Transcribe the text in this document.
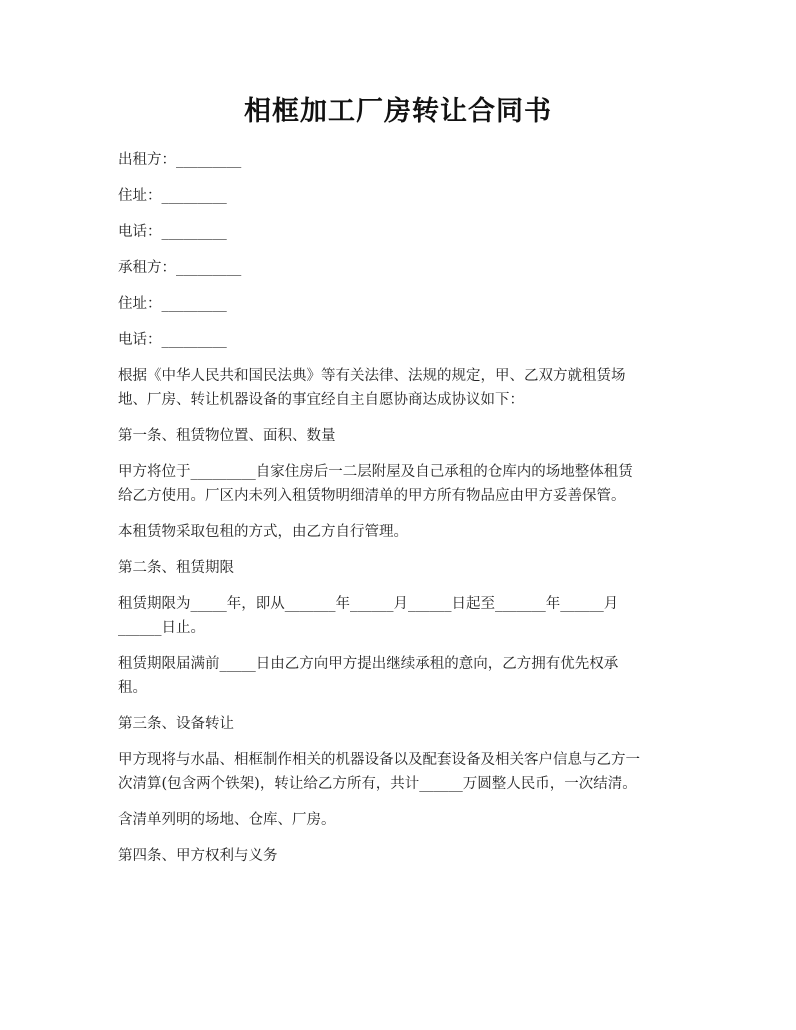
相框加工厂房转让合同书

出租方：_________

住址：_________

电话：_________

承租方：_________

住址：_________

电话：_________

根据《中华人民共和国民法典》等有关法律、法规的规定，甲、乙双方就租赁场

地、厂房、转让机器设备的事宜经自主自愿协商达成协议如下：

第一条、租赁物位置、面积、数量

甲方将位于_________自家住房后一二层附屋及自己承租的仓库内的场地整体租赁

给乙方使用。厂区内未列入租赁物明细清单的甲方所有物品应由甲方妥善保管。

本租赁物采取包租的方式，由乙方自行管理。

第二条、租赁期限

租赁期限为_____年，即从_______年______月______日起至_______年______月

______日止。

租赁期限届满前_____日由乙方向甲方提出继续承租的意向，乙方拥有优先权承

租。

第三条、设备转让

甲方现将与水晶、相框制作相关的机器设备以及配套设备及相关客户信息与乙方一

次清算(包含两个铁架)，转让给乙方所有，共计______万圆整人民币，一次结清。

含清单列明的场地、仓库、厂房。

第四条、甲方权利与义务
